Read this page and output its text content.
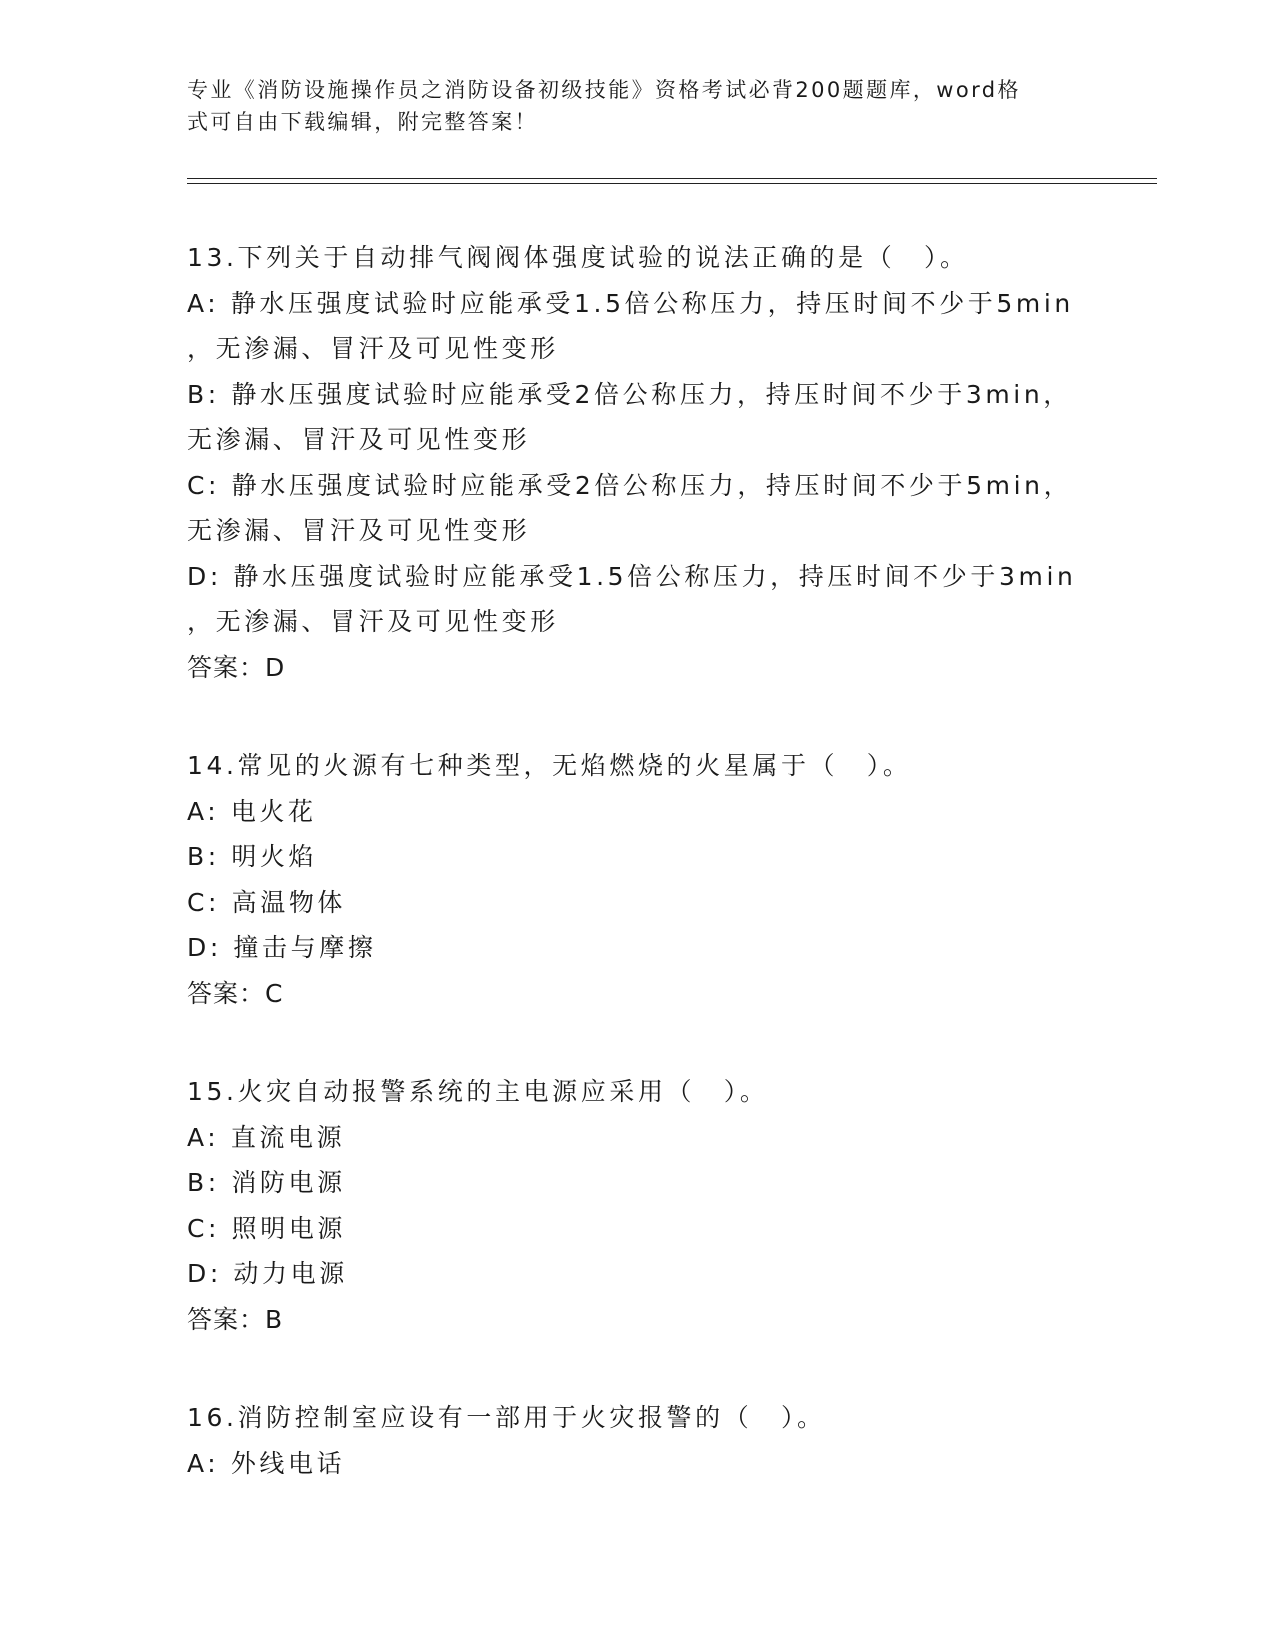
专业《消防设施操作员之消防设备初级技能》资格考试必背200题题库，word格
式可自由下载编辑，附完整答案！
13.下列关于自动排气阀阀体强度试验的说法正确的是（　）。
A: 静水压强度试验时应能承受1.5倍公称压力，持压时间不少于5min
，无渗漏、冒汗及可见性变形
B: 静水压强度试验时应能承受2倍公称压力，持压时间不少于3min，
无渗漏、冒汗及可见性变形
C: 静水压强度试验时应能承受2倍公称压力，持压时间不少于5min，
无渗漏、冒汗及可见性变形
D: 静水压强度试验时应能承受1.5倍公称压力，持压时间不少于3min
，无渗漏、冒汗及可见性变形
答案：D
14.常见的火源有七种类型，无焰燃烧的火星属于（　）。
A: 电火花
B: 明火焰
C: 高温物体
D: 撞击与摩擦
答案：C
15.火灾自动报警系统的主电源应采用（　）。
A: 直流电源
B: 消防电源
C: 照明电源
D: 动力电源
答案：B
16.消防控制室应设有一部用于火灾报警的（　）。
A: 外线电话
